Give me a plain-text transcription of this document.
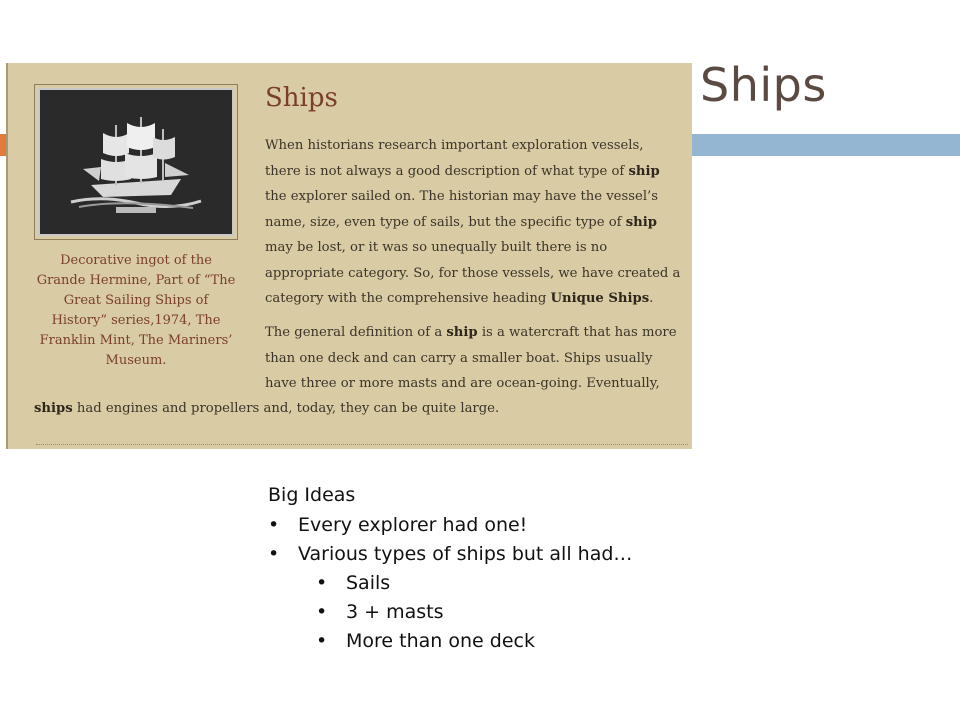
Ships
Decorative ingot of the Grande Hermine, Part of “The Great Sailing Ships of History” series,1974, The Franklin Mint, The Mariners’ Museum.
Ships

When historians research important exploration vessels, there is not always a good description of what type of ship the explorer sailed on. The historian may have the vessel’s name, size, even type of sails, but the specific type of ship may be lost, or it was so unequally built there is no appropriate category. So, for those vessels, we have created a category with the comprehensive heading Unique Ships.

The general definition of a ship is a watercraft that has more than one deck and can carry a smaller boat. Ships usually have three or more masts and are ocean-going. Eventually,

ships had engines and propellers and, today, they can be quite large.

Big Ideas
• Every explorer had one!
• Various types of ships but all had…
• Sails
• 3 + masts
• More than one deck
